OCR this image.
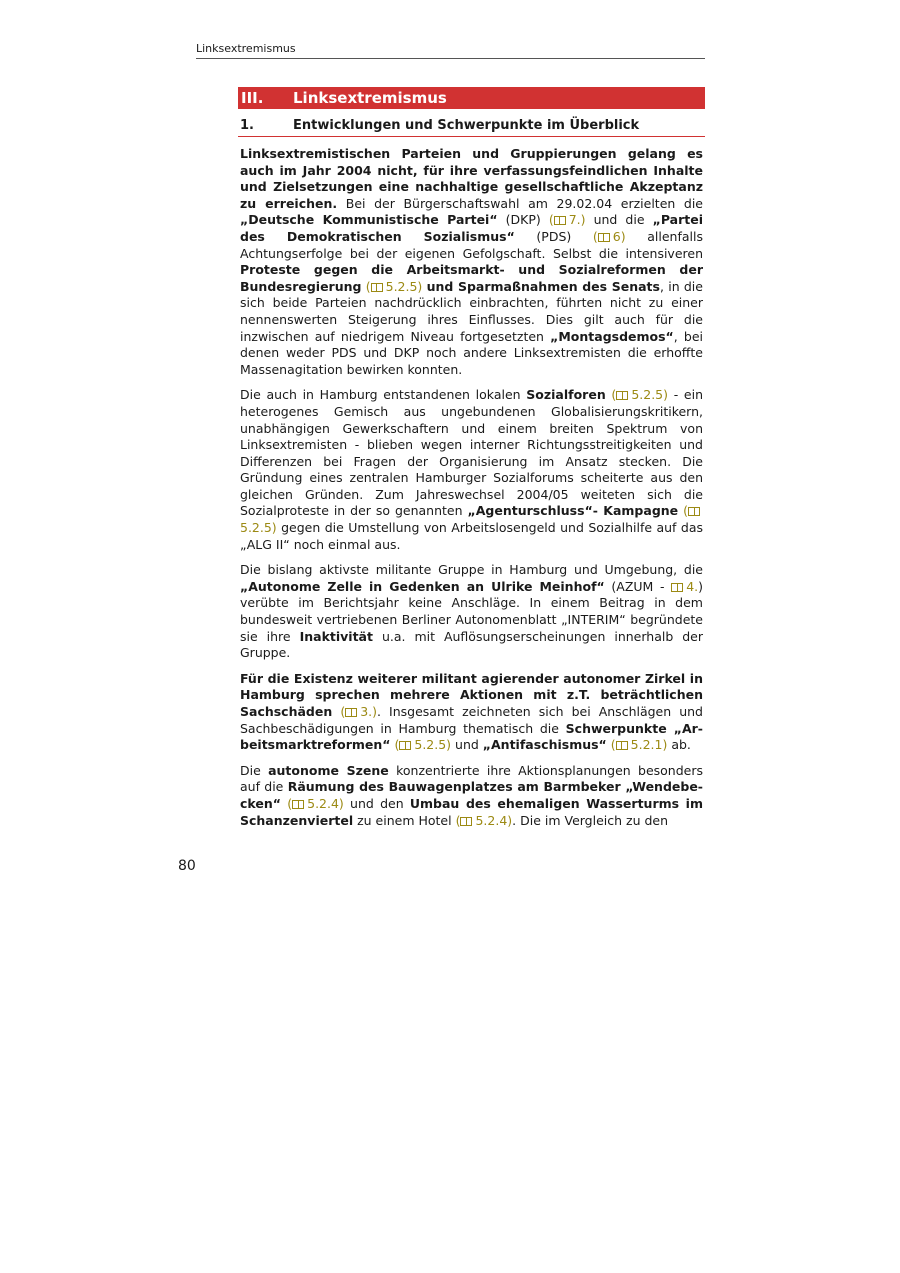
Linksextremismus
III. Linksextremismus
1.	Entwicklungen und Schwerpunkte im Überblick

Linksextremistischen Parteien und Gruppierungen gelang es auch im Jahr 2004 nicht, für ihre verfassungsfeindlichen Inhalte und Zielsetzungen eine nachhaltige gesellschaftliche Akzeptanz zu erreichen. Bei der Bürgerschaftswahl am 29.02.04 erzielten die „Deutsche Kommunistische Partei“ (DKP) ( 7.) und die „Partei des Demokratischen Sozialismus“ (PDS) ( 6) allenfalls Achtungserfolge bei der eigenen Gefolgschaft. Selbst die intensiveren Proteste gegen die Arbeitsmarkt- und Sozialreformen der Bundesregierung ( 5.2.5) und Sparmaßnahmen des Senats, in die sich beide Parteien nachdrücklich einbrachten, führten nicht zu einer nennenswerten Steigerung ihres Einflusses. Dies gilt auch für die inzwischen auf niedrigem Niveau fortgesetzten „Montagsdemos“, bei denen weder PDS und DKP noch andere Linksextremisten die erhoffte Massenagitation bewirken konnten.

Die auch in Hamburg entstandenen lokalen Sozialforen ( 5.2.5) - ein heterogenes Gemisch aus ungebundenen Globalisierungskritikern, unabhängigen Gewerkschaftern und einem breiten Spektrum von Linksextremisten - blieben wegen interner Richtungsstreitigkeiten und Differenzen bei Fragen der Organisierung im Ansatz stecken. Die Gründung eines zentralen Hamburger Sozialforums scheiterte aus den gleichen Gründen. Zum Jahreswechsel 2004/05 weiteten sich die Sozialproteste in der so genannten „Agenturschluss“- Kampagne (5.2.5) gegen die Umstellung von Arbeitslosengeld und Sozialhilfe auf das „ALG II“ noch einmal aus.

Die bislang aktivste militante Gruppe in Hamburg und Umgebung, die „Autonome Zelle in Gedenken an Ulrike Meinhof“ (AZUM - 4.) verübte im Berichtsjahr keine Anschläge. In einem Beitrag in dem bundesweit vertriebenen Berliner Autonomenblatt „INTERIM“ begründete sie ihre Inaktivität u.a. mit Auflösungserscheinungen innerhalb der Gruppe.

Für die Existenz weiterer militant agierender autonomer Zirkel in Hamburg sprechen mehrere Aktionen mit z.T. beträchtlichen Sachschäden ( 3.). Insgesamt zeichneten sich bei Anschlägen und Sachbeschädigungen in Hamburg thematisch die Schwerpunkte „Arbeitsmarktreformen“ ( 5.2.5) und „Antifaschismus“ ( 5.2.1) ab.

Die autonome Szene konzentrierte ihre Aktionsplanungen besonders auf die Räumung des Bauwagenplatzes am Barmbeker „Wendebecken“ ( 5.2.4) und den Umbau des ehemaligen Wasserturms im Schanzenviertel zu einem Hotel ( 5.2.4). Die im Vergleich zu den

80
